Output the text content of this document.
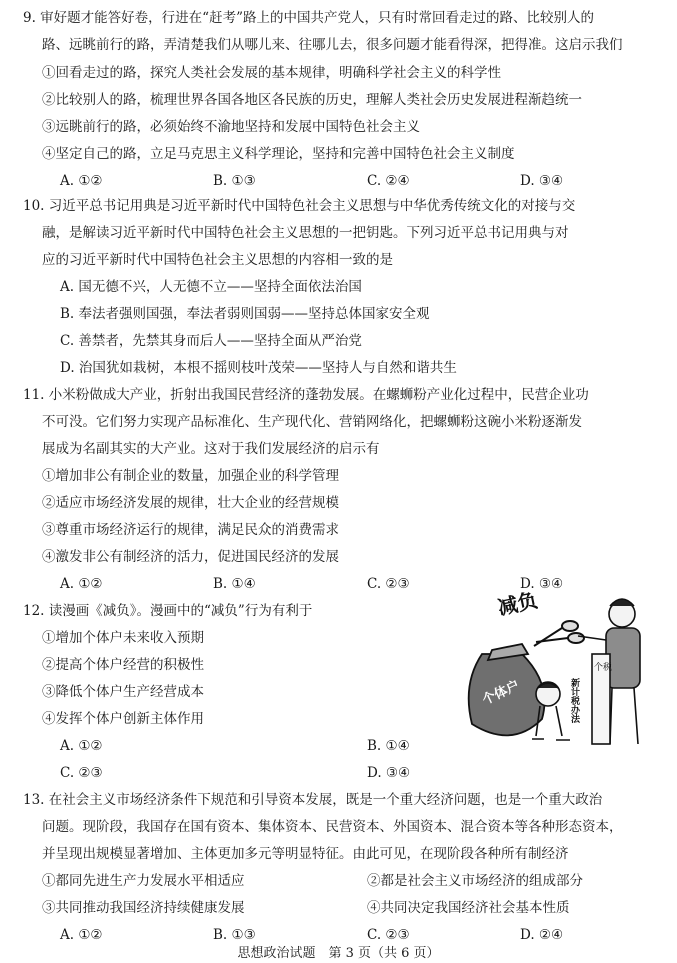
9. 审好题才能答好卷，行进在“赶考”路上的中国共产党人，只有时常回看走过的路、比较别人的
路、远眺前行的路，弄清楚我们从哪儿来、往哪儿去，很多问题才能看得深，把得准。这启示我们
①回看走过的路，探究人类社会发展的基本规律，明确科学社会主义的科学性
②比较别人的路，梳理世界各国各地区各民族的历史，理解人类社会历史发展进程渐趋统一
③远眺前行的路，必须始终不渝地坚持和发展中国特色社会主义
④坚定自己的路，立足马克思主义科学理论，坚持和完善中国特色社会主义制度
A. ①②	B. ①③	C. ②④	D. ③④
10. 习近平总书记用典是习近平新时代中国特色社会主义思想与中华优秀传统文化的对接与交
融，是解读习近平新时代中国特色社会主义思想的一把钥匙。下列习近平总书记用典与对
应的习近平新时代中国特色社会主义思想的内容相一致的是
A. 国无德不兴，人无德不立——坚持全面依法治国
B. 奉法者强则国强，奉法者弱则国弱——坚持总体国家安全观
C. 善禁者，先禁其身而后人——坚持全面从严治党
D. 治国犹如栽树，本根不摇则枝叶茂荣——坚持人与自然和谐共生
11. 小米粉做成大产业，折射出我国民营经济的蓬勃发展。在螺蛳粉产业化过程中，民营企业功
不可没。它们努力实现产品标准化、生产现代化、营销网络化，把螺蛳粉这碗小米粉逐渐发
展成为名副其实的大产业。这对于我们发展经济的启示有
①增加非公有制企业的数量，加强企业的科学管理
②适应市场经济发展的规律，壮大企业的经营规模
③尊重市场经济运行的规律，满足民众的消费需求
④激发非公有制经济的活力，促进国民经济的发展
A. ①②	B. ①④	C. ②③	D. ③④
12. 读漫画《减负》。漫画中的“减负”行为有利于
①增加个体户未来收入预期
②提高个体户经营的积极性
③降低个体户生产经营成本
④发挥个体户创新主体作用
A. ①②	B. ①④
C. ②③	D. ③④
减负
个税
新计税办法
个体户
13. 在社会主义市场经济条件下规范和引导资本发展，既是一个重大经济问题，也是一个重大政治
问题。现阶段，我国存在国有资本、集体资本、民营资本、外国资本、混合资本等各种形态资本，
并呈现出规模显著增加、主体更加多元等明显特征。由此可见，在现阶段各种所有制经济
①都同先进生产力发展水平相适应	②都是社会主义市场经济的组成部分
③共同推动我国经济持续健康发展	④共同决定我国经济社会基本性质
A. ①②	B. ①③	C. ②③	D. ②④
思想政治试题　第 3 页（共 6 页）
